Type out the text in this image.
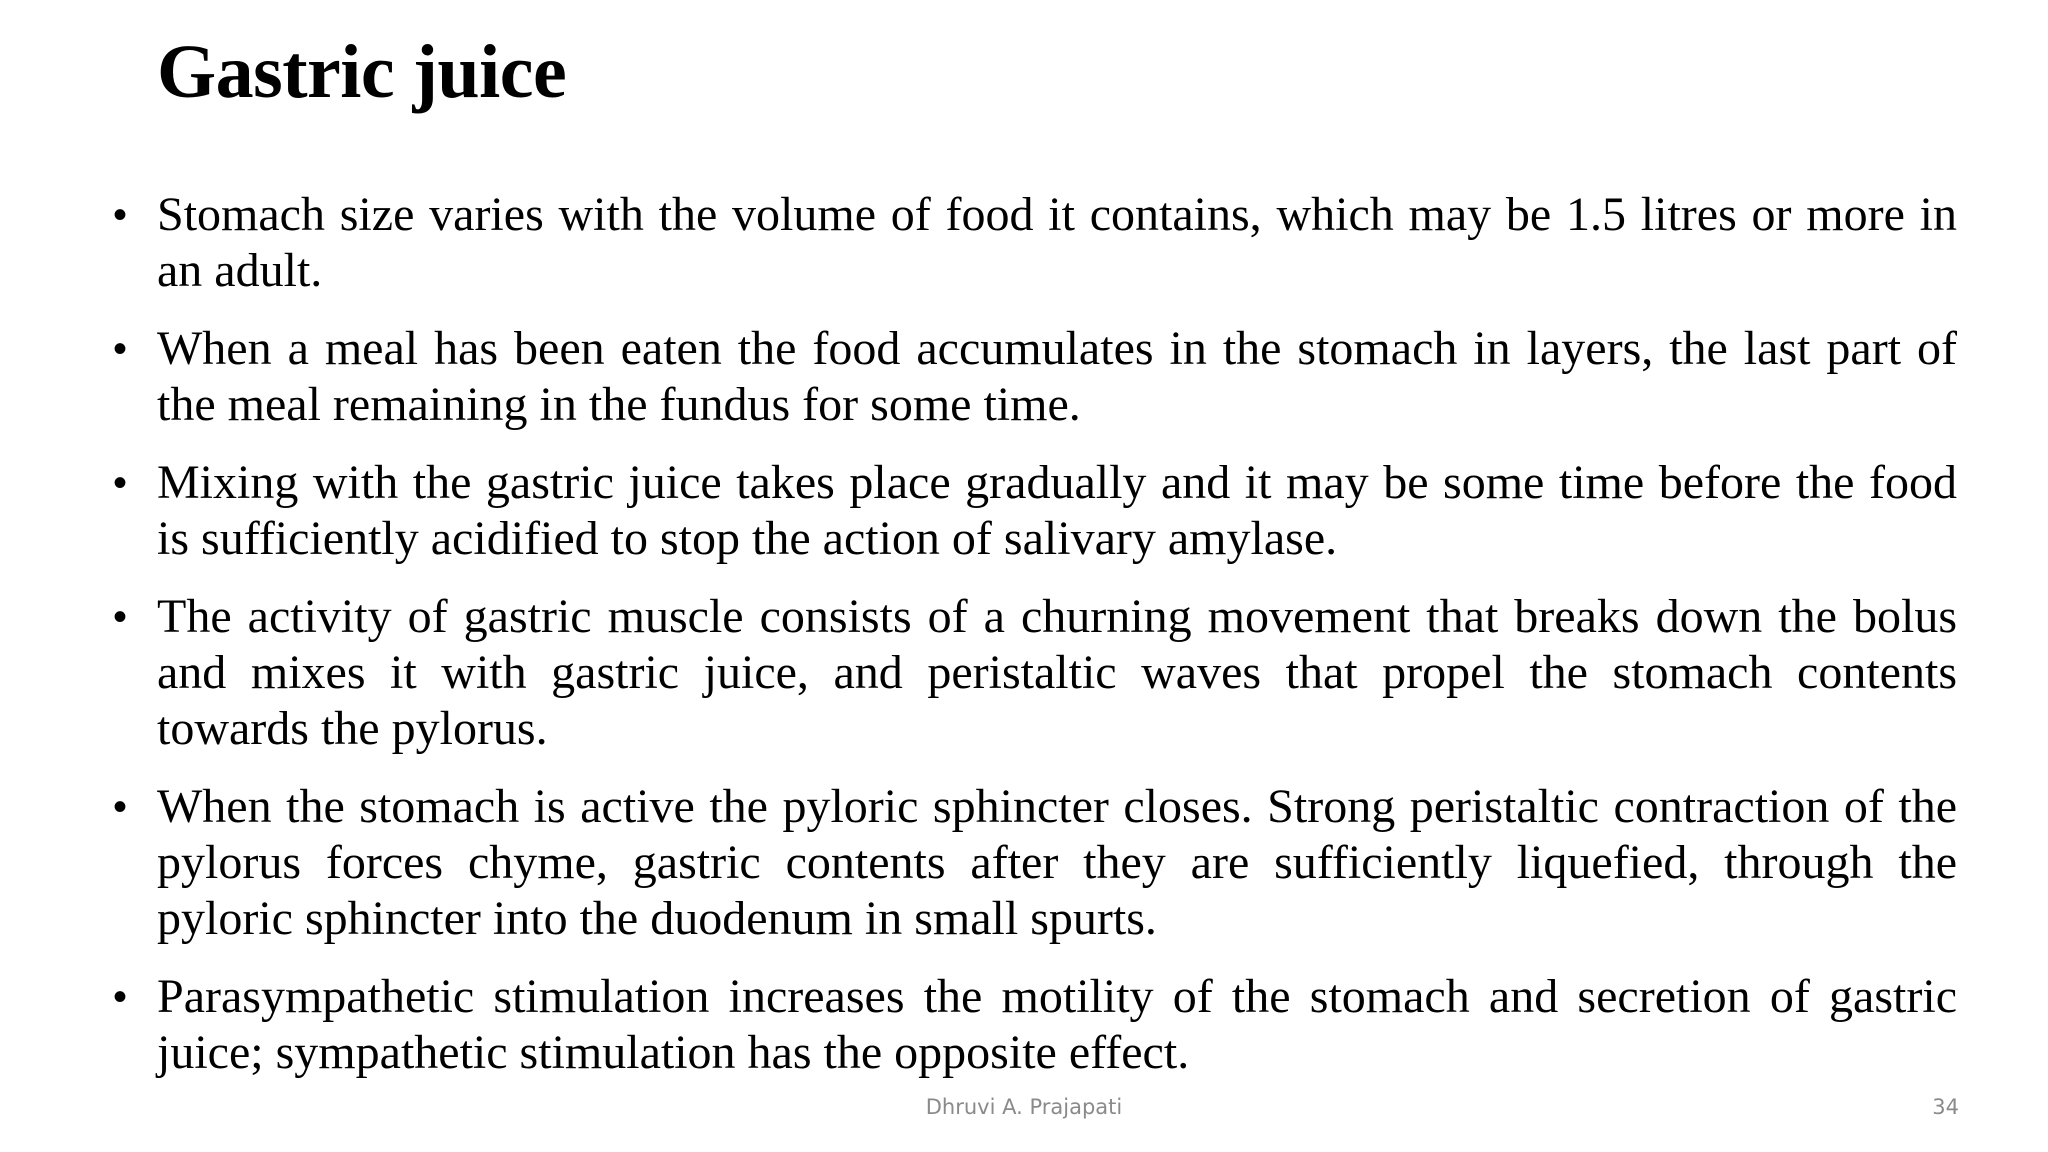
Gastric juice
• Stomach size varies with the volume of food it contains, which may be 1.5 litres or more in an adult.
• When a meal has been eaten the food accumulates in the stomach in layers, the last part of the meal remaining in the fundus for some time.
• Mixing with the gastric juice takes place gradually and it may be some time before the food is sufficiently acidified to stop the action of salivary amylase.
• The activity of gastric muscle consists of a churning movement that breaks down the bolus and mixes it with gastric juice, and peristaltic waves that propel the stomach contents towards the pylorus.
• When the stomach is active the pyloric sphincter closes. Strong peristaltic contraction of the pylorus forces chyme, gastric contents after they are sufficiently liquefied, through the pyloric sphincter into the duodenum in small spurts.
• Parasympathetic stimulation increases the motility of the stomach and secretion of gastric juice; sympathetic stimulation has the opposite effect.
Dhruvi A. Prajapati	34
